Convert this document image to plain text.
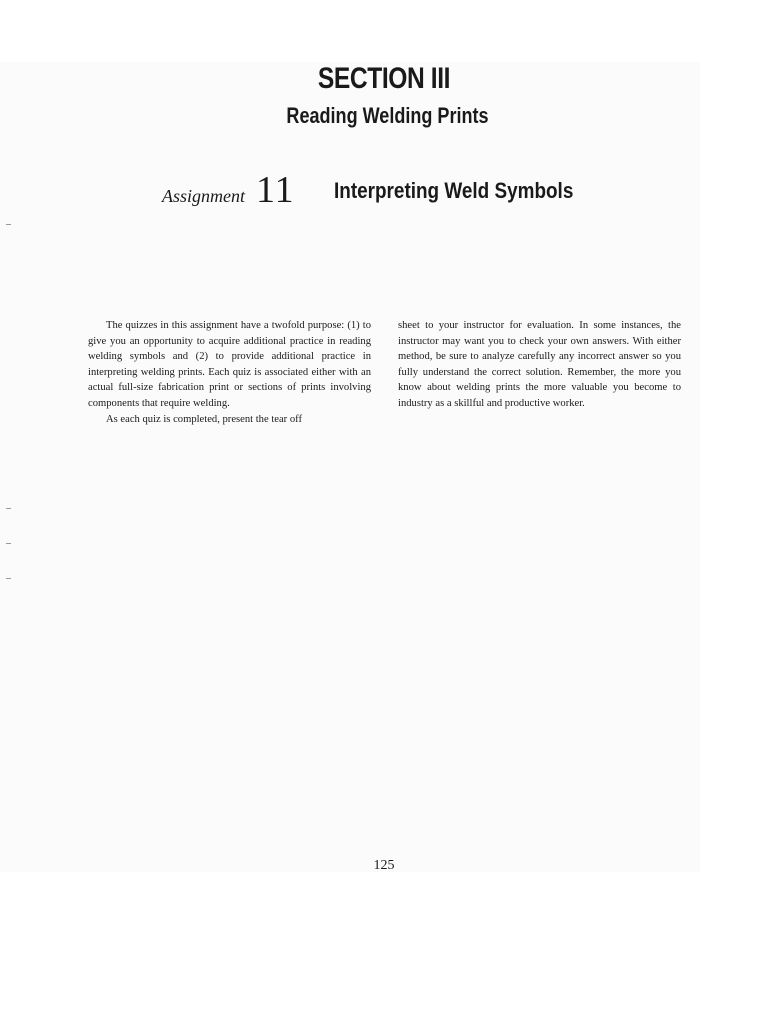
SECTION III
Reading Welding Prints
Assignment 11 Interpreting Weld Symbols

The quizzes in this assignment have a twofold purpose: (1) to give you an opportunity to acquire additional practice in reading welding symbols and (2) to provide additional practice in interpreting welding prints. Each quiz is associated either with an actual full-size fabrication print or sections of prints involving components that require welding.

As each quiz is completed, present the tear off

sheet to your instructor for evaluation. In some instances, the instructor may want you to check your own answers. With either method, be sure to analyze carefully any incorrect answer so you fully understand the correct solution. Remember, the more you know about welding prints the more valuable you become to industry as a skillful and productive worker.

125
